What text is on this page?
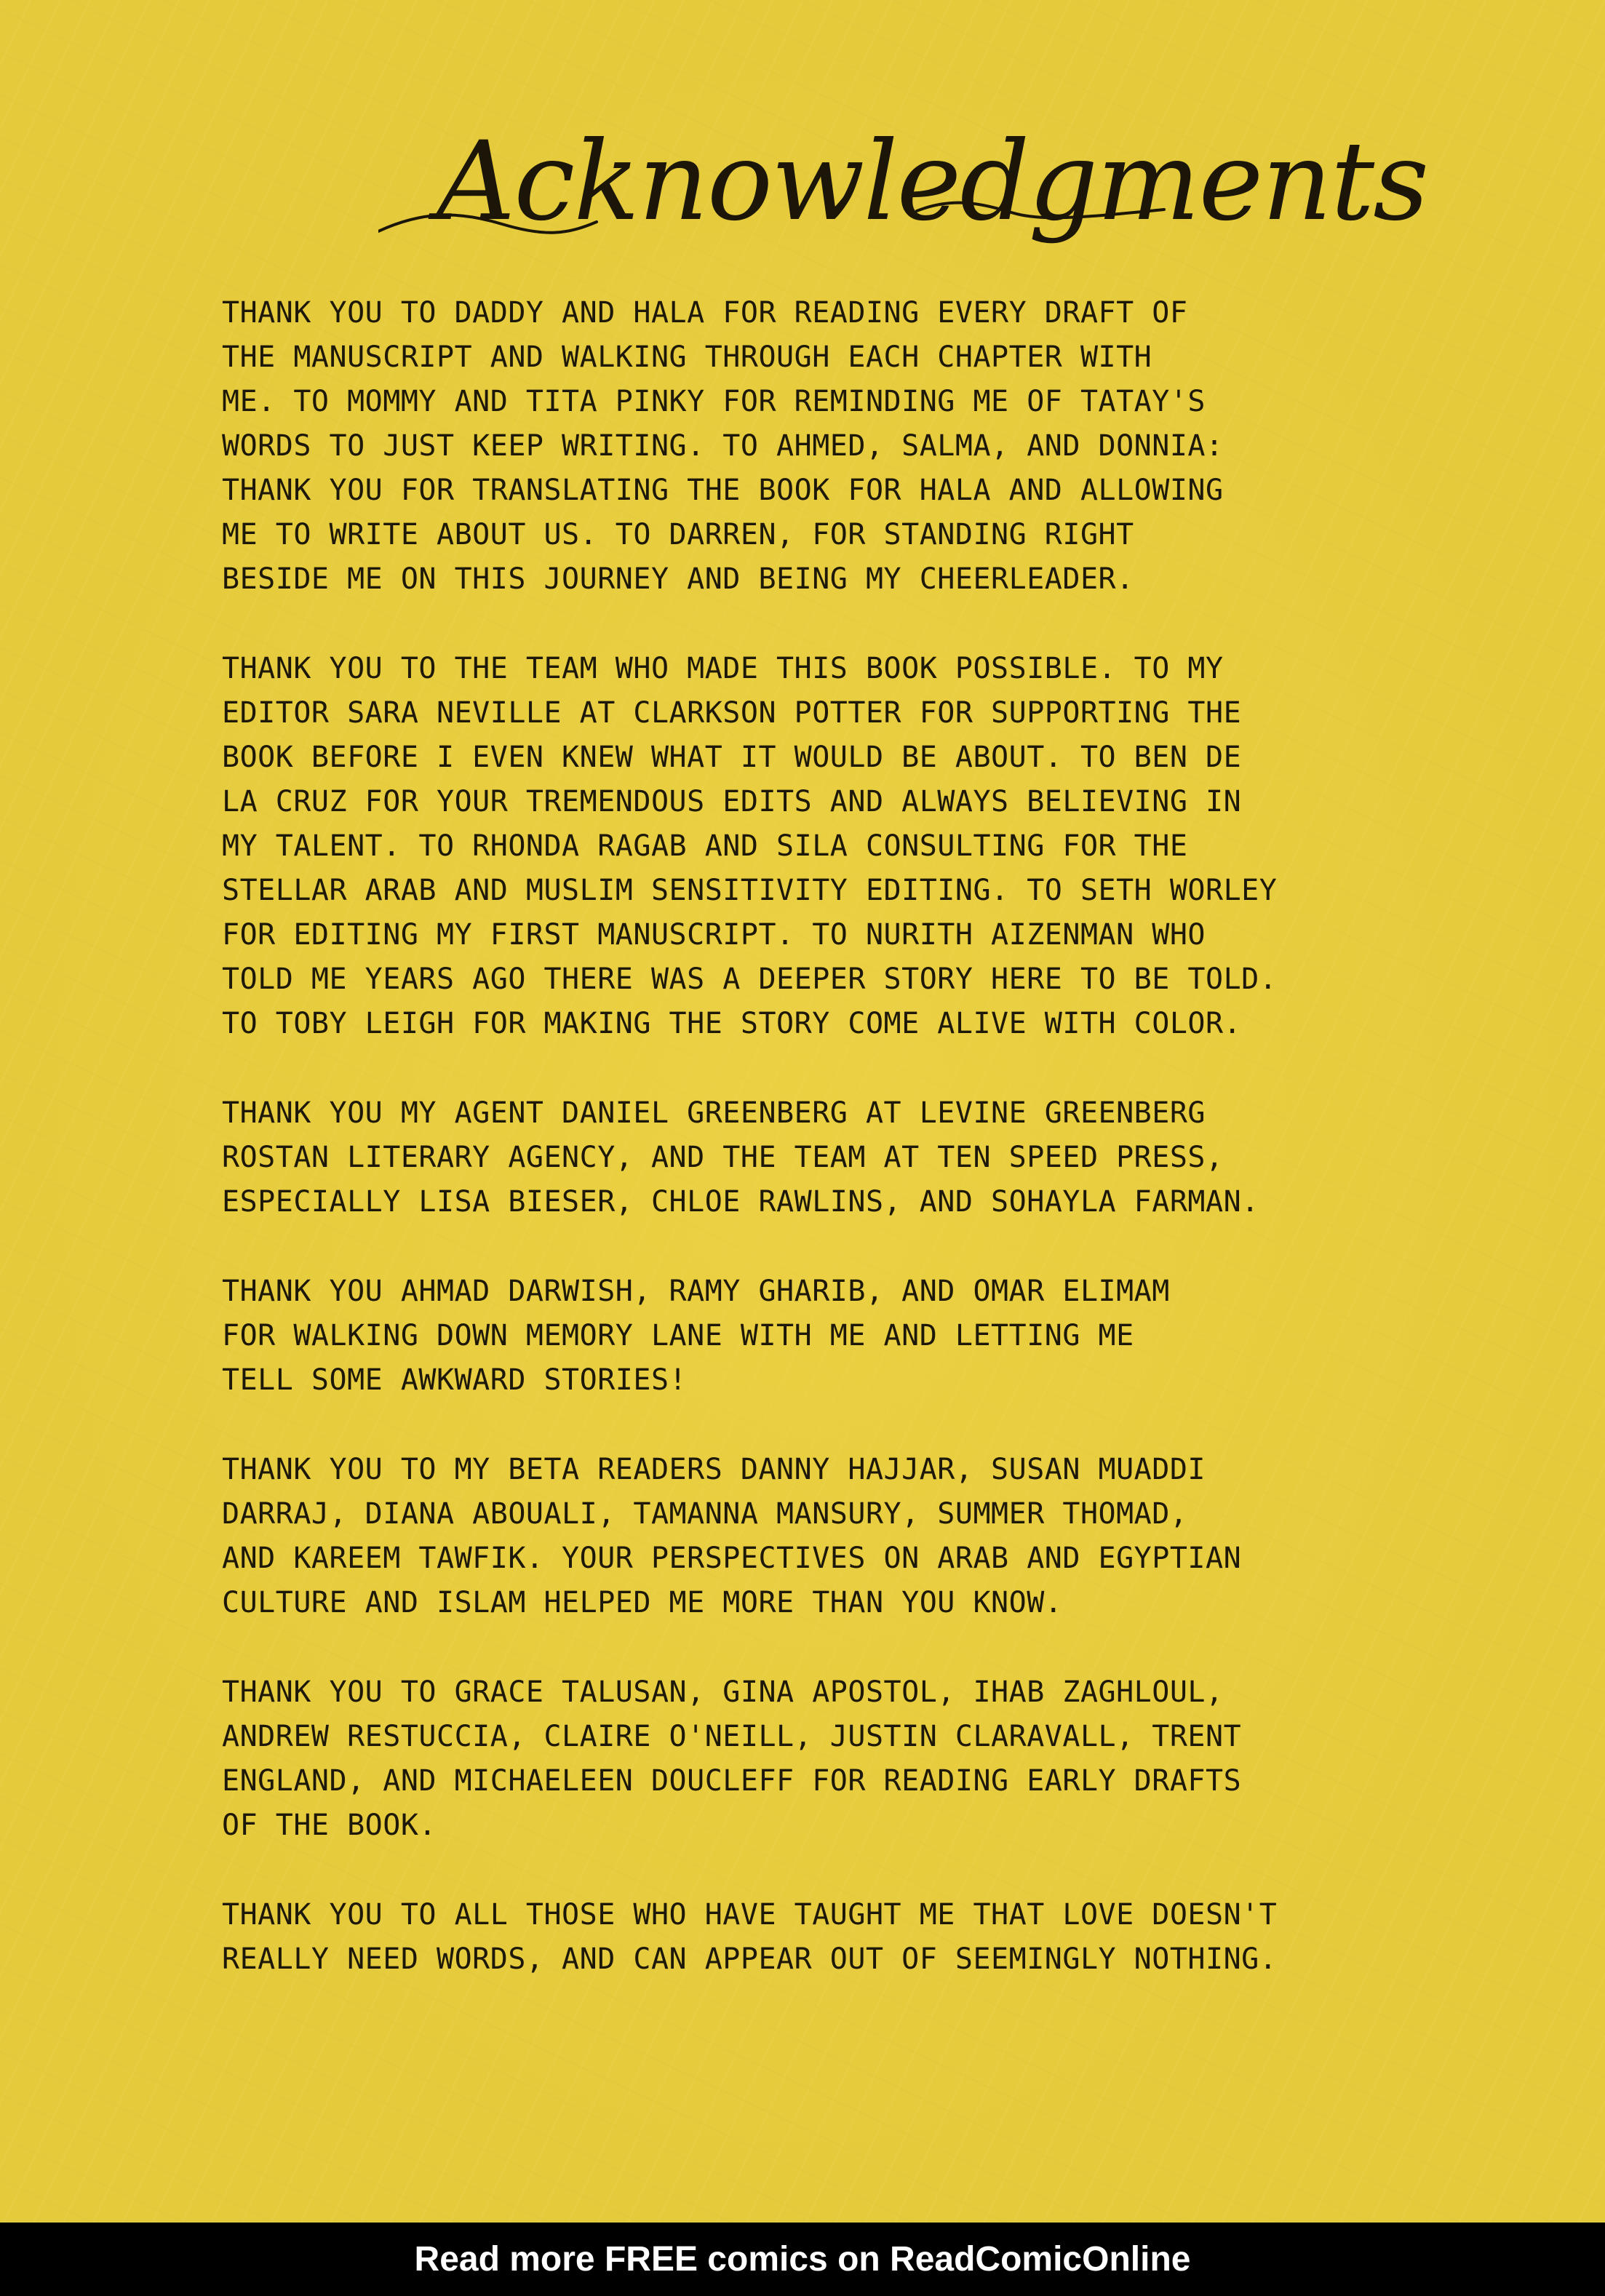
Acknowledgments
THANK YOU TO DADDY AND HALA FOR READING EVERY DRAFT OF
THE MANUSCRIPT AND WALKING THROUGH EACH CHAPTER WITH
ME. TO MOMMY AND TITA PINKY FOR REMINDING ME OF TATAY'S
WORDS TO JUST KEEP WRITING. TO AHMED, SALMA, AND DONNIA:
THANK YOU FOR TRANSLATING THE BOOK FOR HALA AND ALLOWING
ME TO WRITE ABOUT US. TO DARREN, FOR STANDING RIGHT
BESIDE ME ON THIS JOURNEY AND BEING MY CHEERLEADER.
THANK YOU TO THE TEAM WHO MADE THIS BOOK POSSIBLE. TO MY
EDITOR SARA NEVILLE AT CLARKSON POTTER FOR SUPPORTING THE
BOOK BEFORE I EVEN KNEW WHAT IT WOULD BE ABOUT. TO BEN DE
LA CRUZ FOR YOUR TREMENDOUS EDITS AND ALWAYS BELIEVING IN
MY TALENT. TO RHONDA RAGAB AND SILA CONSULTING FOR THE
STELLAR ARAB AND MUSLIM SENSITIVITY EDITING. TO SETH WORLEY
FOR EDITING MY FIRST MANUSCRIPT. TO NURITH AIZENMAN WHO
TOLD ME YEARS AGO THERE WAS A DEEPER STORY HERE TO BE TOLD.
TO TOBY LEIGH FOR MAKING THE STORY COME ALIVE WITH COLOR.
THANK YOU MY AGENT DANIEL GREENBERG AT LEVINE GREENBERG
ROSTAN LITERARY AGENCY, AND THE TEAM AT TEN SPEED PRESS,
ESPECIALLY LISA BIESER, CHLOE RAWLINS, AND SOHAYLA FARMAN.
THANK YOU AHMAD DARWISH, RAMY GHARIB, AND OMAR ELIMAM
FOR WALKING DOWN MEMORY LANE WITH ME AND LETTING ME
TELL SOME AWKWARD STORIES!
THANK YOU TO MY BETA READERS DANNY HAJJAR, SUSAN MUADDI
DARRAJ, DIANA ABOUALI, TAMANNA MANSURY, SUMMER THOMAD,
AND KAREEM TAWFIK. YOUR PERSPECTIVES ON ARAB AND EGYPTIAN
CULTURE AND ISLAM HELPED ME MORE THAN YOU KNOW.
THANK YOU TO GRACE TALUSAN, GINA APOSTOL, IHAB ZAGHLOUL,
ANDREW RESTUCCIA, CLAIRE O'NEILL, JUSTIN CLARAVALL, TRENT
ENGLAND, AND MICHAELEEN DOUCLEFF FOR READING EARLY DRAFTS
OF THE BOOK.
THANK YOU TO ALL THOSE WHO HAVE TAUGHT ME THAT LOVE DOESN'T
REALLY NEED WORDS, AND CAN APPEAR OUT OF SEEMINGLY NOTHING.
Read more FREE comics on ReadComicOnline
